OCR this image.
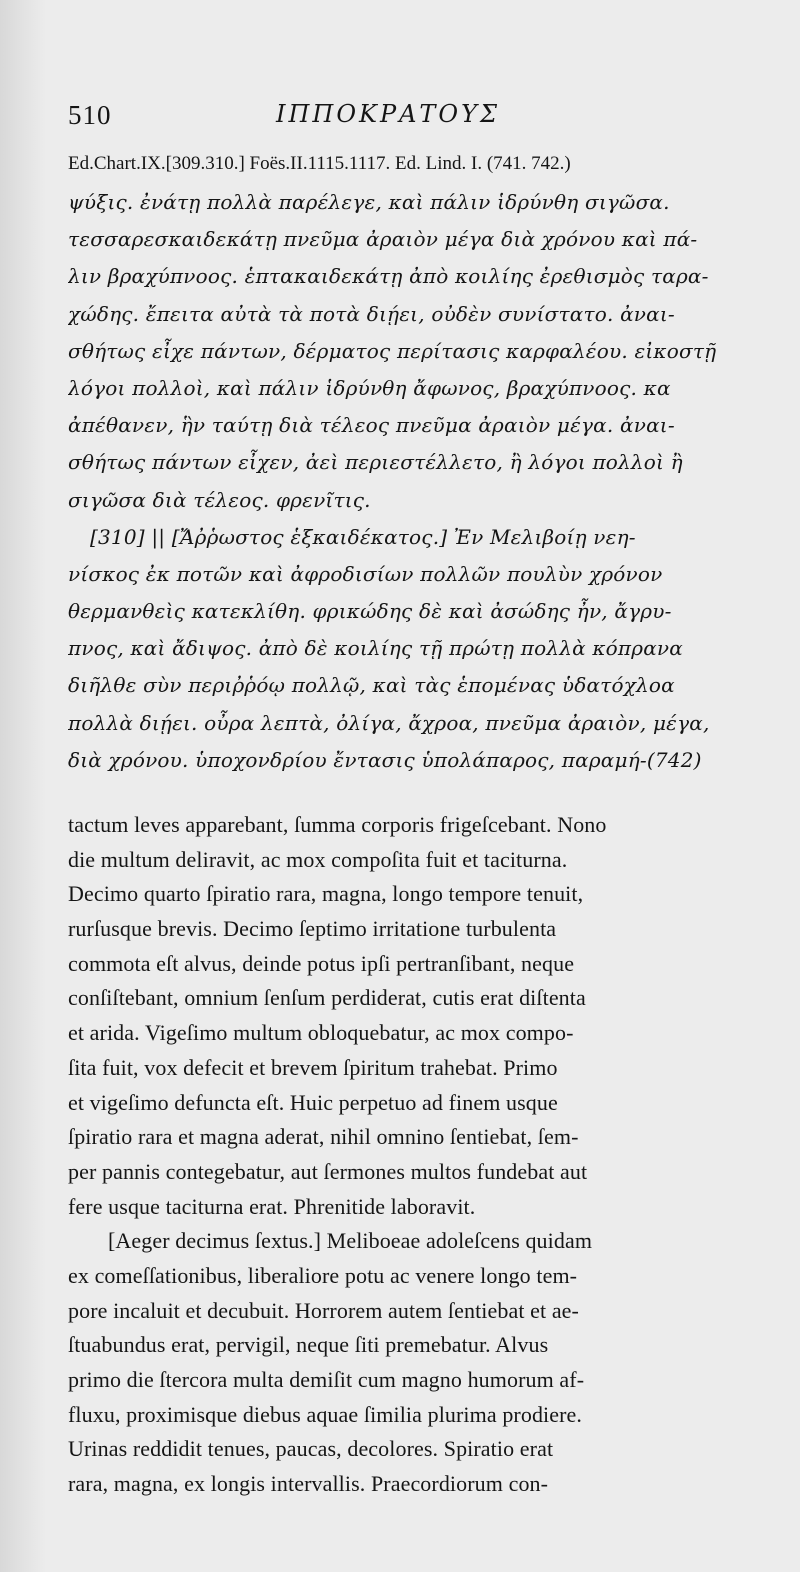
510	ΙΠΠΟΚΡΑΤΟΥΣ
Ed.Chart.IX.[309.310.] Foës.II.1115.1117. Ed. Lind. I. (741. 742.)
ψύξις. ἐνάτῃ πολλὰ παρέλεγε, καὶ πάλιν ἱδρύνθη σιγῶσα.
τεσσαρεσκαιδεκάτῃ πνεῦμα ἀραιὸν μέγα διὰ χρόνου καὶ πά-
λιν βραχύπνοος. ἑπτακαιδεκάτῃ ἀπὸ κοιλίης ἐρεθισμὸς ταρα-
χώδης. ἔπειτα αὐτὰ τὰ ποτὰ διῄει, οὐδὲν συνίστατο. ἀναι-
σθήτως εἶχε πάντων, δέρματος περίτασις καρφαλέου. εἰκοστῇ
λόγοι πολλοὶ, καὶ πάλιν ἱδρύνθη ἄφωνος, βραχύπνοος. κα
ἀπέθανεν, ἣν ταύτῃ διὰ τέλεος πνεῦμα ἀραιὸν μέγα. ἀναι-
σθήτως πάντων εἶχεν, ἀεὶ περιεστέλλετο, ἢ λόγοι πολλοὶ ἢ
σιγῶσα διὰ τέλεος. φρενῖτις.
[310] || [Ἄῤῥωστος ἑξκαιδέκατος.] Ἐν Μελιβοίῃ νεη-
νίσκος ἐκ ποτῶν καὶ ἀφροδισίων πολλῶν πουλὺν χρόνον
θερμανθεὶς κατεκλίθη. φρικώδης δὲ καὶ ἀσώδης ἦν, ἄγρυ-
πνος, καὶ ἄδιψος. ἀπὸ δὲ κοιλίης τῇ πρώτῃ πολλὰ κόπρανα
διῆλθε σὺν περιῤῥόῳ πολλῷ, καὶ τὰς ἑπομένας ὑδατόχλοα
πολλὰ διῄει. οὖρα λεπτὰ, ὀλίγα, ἄχροα, πνεῦμα ἀραιὸν, μέγα,
διὰ χρόνου. ὑποχονδρίου ἔντασις ὑπολάπαρος, παραμή-(742)
tactum leves apparebant, ſumma corporis frigeſcebant. Nono
die multum deliravit, ac mox compoſita fuit et taciturna.
Decimo quarto ſpiratio rara, magna, longo tempore tenuit,
rurſusque brevis. Decimo ſeptimo irritatione turbulenta
commota eſt alvus, deinde potus ipſi pertranſibant, neque
conſiſtebant, omnium ſenſum perdiderat, cutis erat diſtenta
et arida. Vigeſimo multum obloquebatur, ac mox compo-
ſita fuit, vox defecit et brevem ſpiritum trahebat. Primo
et vigeſimo defuncta eſt. Huic perpetuo ad finem usque
ſpiratio rara et magna aderat, nihil omnino ſentiebat, ſem-
per pannis contegebatur, aut ſermones multos fundebat aut
fere usque taciturna erat. Phrenitide laboravit.
[Aeger decimus ſextus.] Meliboeae adoleſcens quidam
ex comeſſationibus, liberaliore potu ac venere longo tem-
pore incaluit et decubuit. Horrorem autem ſentiebat et ae-
ſtuabundus erat, pervigil, neque ſiti premebatur. Alvus
primo die ſtercora multa demiſit cum magno humorum af-
fluxu, proximisque diebus aquae ſimilia plurima prodiere.
Urinas reddidit tenues, paucas, decolores. Spiratio erat
rara, magna, ex longis intervallis. Praecordiorum con-
